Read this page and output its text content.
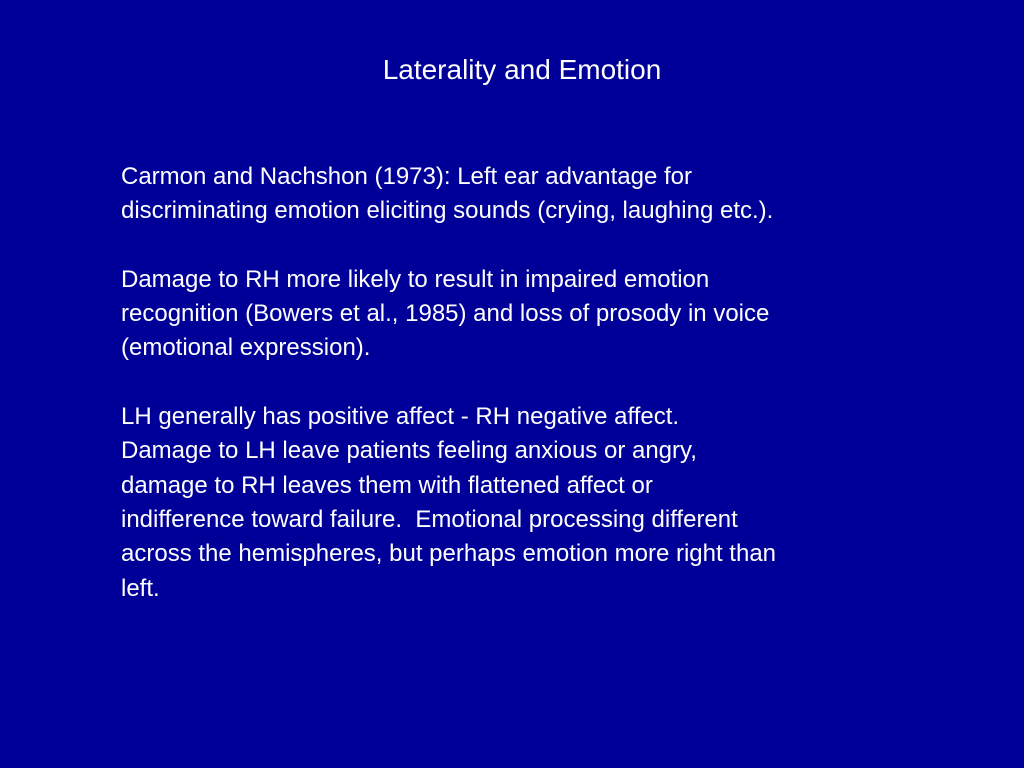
Laterality and Emotion

Carmon and Nachshon (1973): Left ear advantage for
discriminating emotion eliciting sounds (crying, laughing etc.).

Damage to RH more likely to result in impaired emotion
recognition (Bowers et al., 1985) and loss of prosody in voice
(emotional expression).

LH generally has positive affect - RH negative affect.
Damage to LH leave patients feeling anxious or angry,
damage to RH leaves them with flattened affect or
indifference toward failure.  Emotional processing different
across the hemispheres, but perhaps emotion more right than
left.
